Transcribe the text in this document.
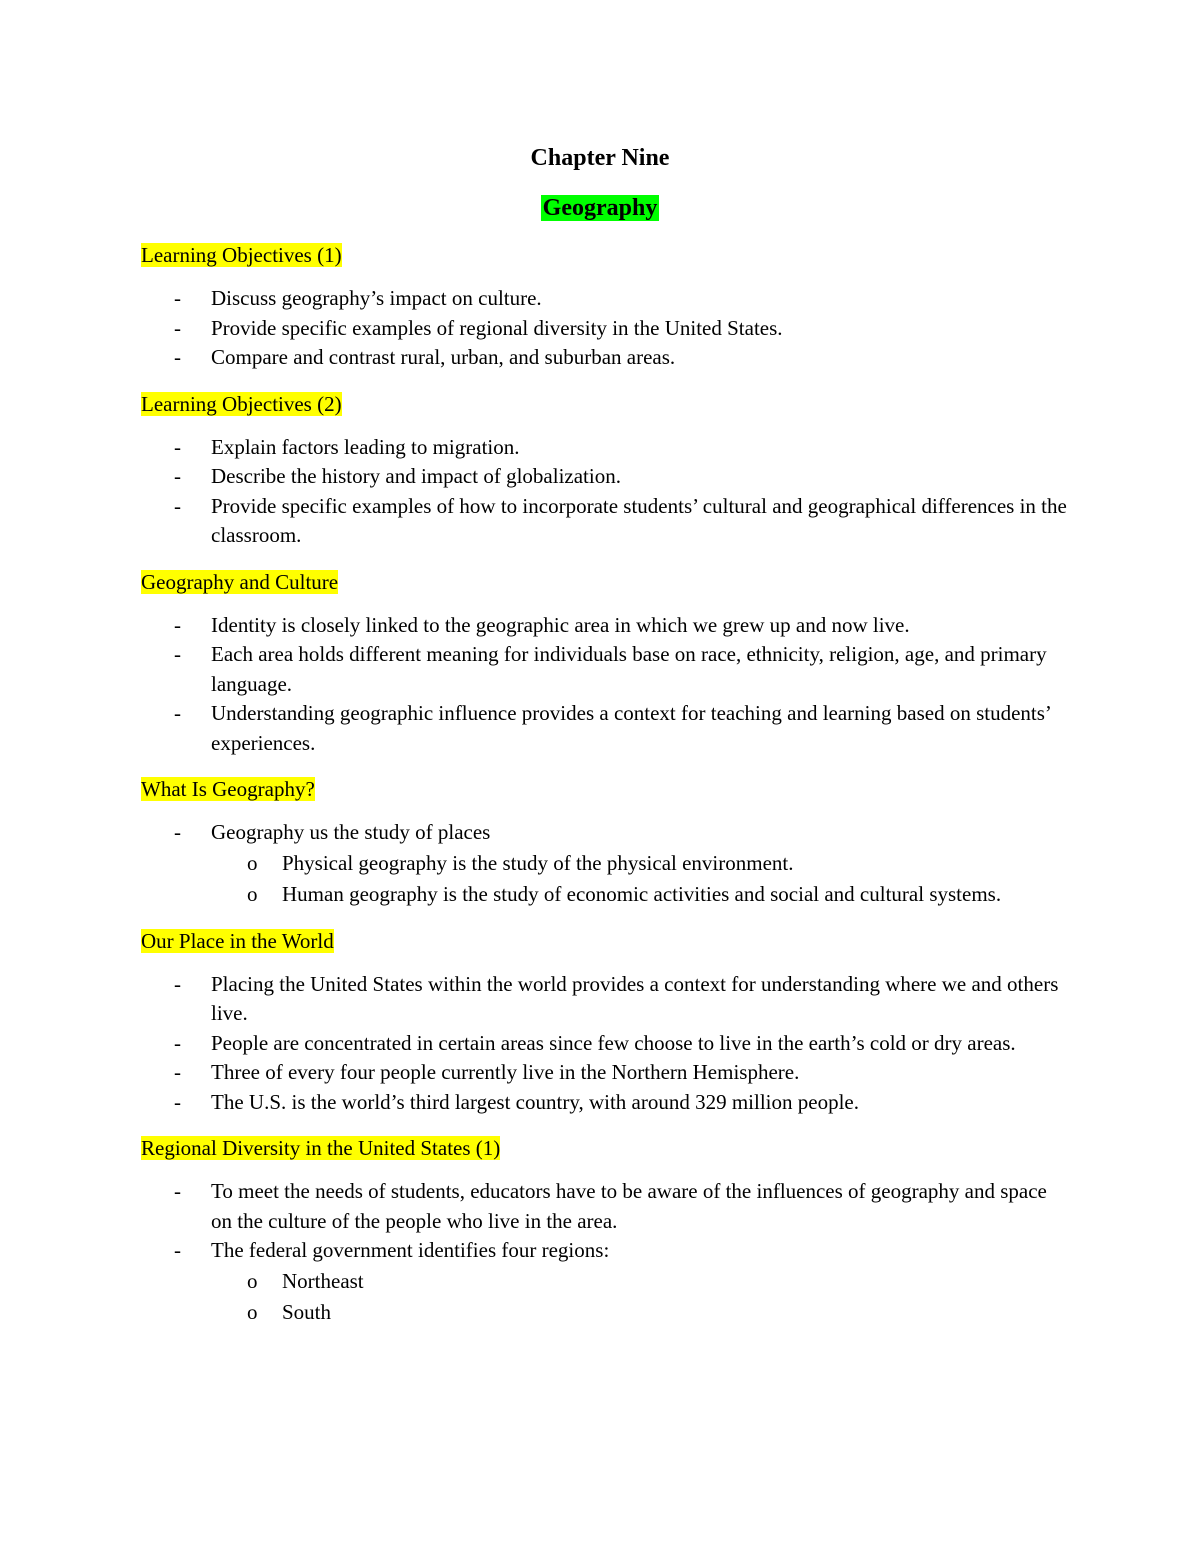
Chapter Nine
Geography
Learning Objectives (1)
- Discuss geography’s impact on culture.
- Provide specific examples of regional diversity in the United States.
- Compare and contrast rural, urban, and suburban areas.
Learning Objectives (2)
- Explain factors leading to migration.
- Describe the history and impact of globalization.
- Provide specific examples of how to incorporate students’ cultural and geographical differences in the classroom.
Geography and Culture
- Identity is closely linked to the geographic area in which we grew up and now live.
- Each area holds different meaning for individuals base on race, ethnicity, religion, age, and primary language.
- Understanding geographic influence provides a context for teaching and learning based on students’ experiences.
What Is Geography?
- Geography us the study of places
o Physical geography is the study of the physical environment.
o Human geography is the study of economic activities and social and cultural systems.
Our Place in the World
- Placing the United States within the world provides a context for understanding where we and others live.
- People are concentrated in certain areas since few choose to live in the earth’s cold or dry areas.
- Three of every four people currently live in the Northern Hemisphere.
- The U.S. is the world’s third largest country, with around 329 million people.
Regional Diversity in the United States (1)
- To meet the needs of students, educators have to be aware of the influences of geography and space on the culture of the people who live in the area.
- The federal government identifies four regions:
o Northeast
o South
